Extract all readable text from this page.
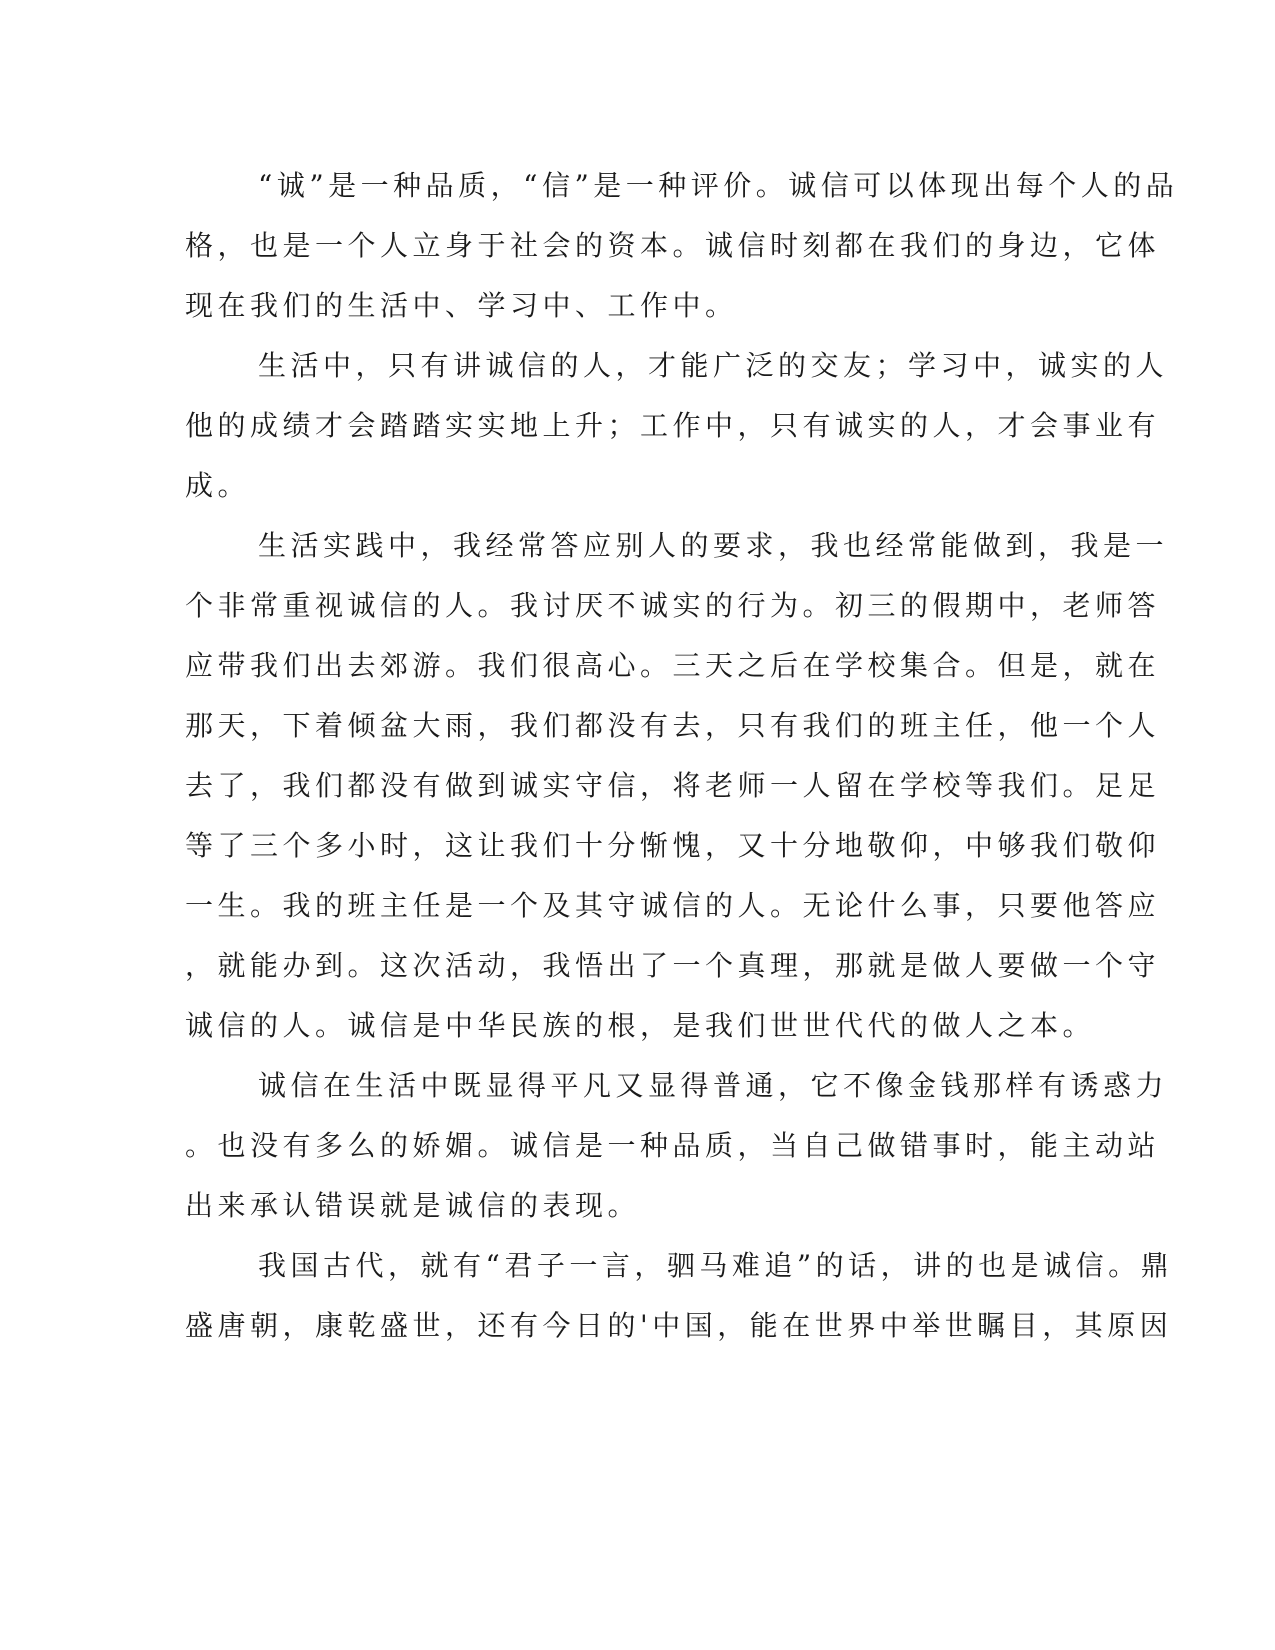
“诚”是一种品质，“信”是一种评价。诚信可以体现出每个人的品
格，也是一个人立身于社会的资本。诚信时刻都在我们的身边，它体
现在我们的生活中、学习中、工作中。
生活中，只有讲诚信的人，才能广泛的交友；学习中，诚实的人
他的成绩才会踏踏实实地上升；工作中，只有诚实的人，才会事业有
成。
生活实践中，我经常答应别人的要求，我也经常能做到，我是一
个非常重视诚信的人。我讨厌不诚实的行为。初三的假期中，老师答
应带我们出去郊游。我们很高心。三天之后在学校集合。但是，就在
那天，下着倾盆大雨，我们都没有去，只有我们的班主任，他一个人
去了，我们都没有做到诚实守信，将老师一人留在学校等我们。足足
等了三个多小时，这让我们十分惭愧，又十分地敬仰，中够我们敬仰
一生。我的班主任是一个及其守诚信的人。无论什么事，只要他答应
，就能办到。这次活动，我悟出了一个真理，那就是做人要做一个守
诚信的人。诚信是中华民族的根，是我们世世代代的做人之本。
诚信在生活中既显得平凡又显得普通，它不像金钱那样有诱惑力
。也没有多么的娇媚。诚信是一种品质，当自己做错事时，能主动站
出来承认错误就是诚信的表现。
我国古代，就有“君子一言，驷马难追”的话，讲的也是诚信。鼎
盛唐朝，康乾盛世，还有今日的'中国，能在世界中举世瞩目，其原因
